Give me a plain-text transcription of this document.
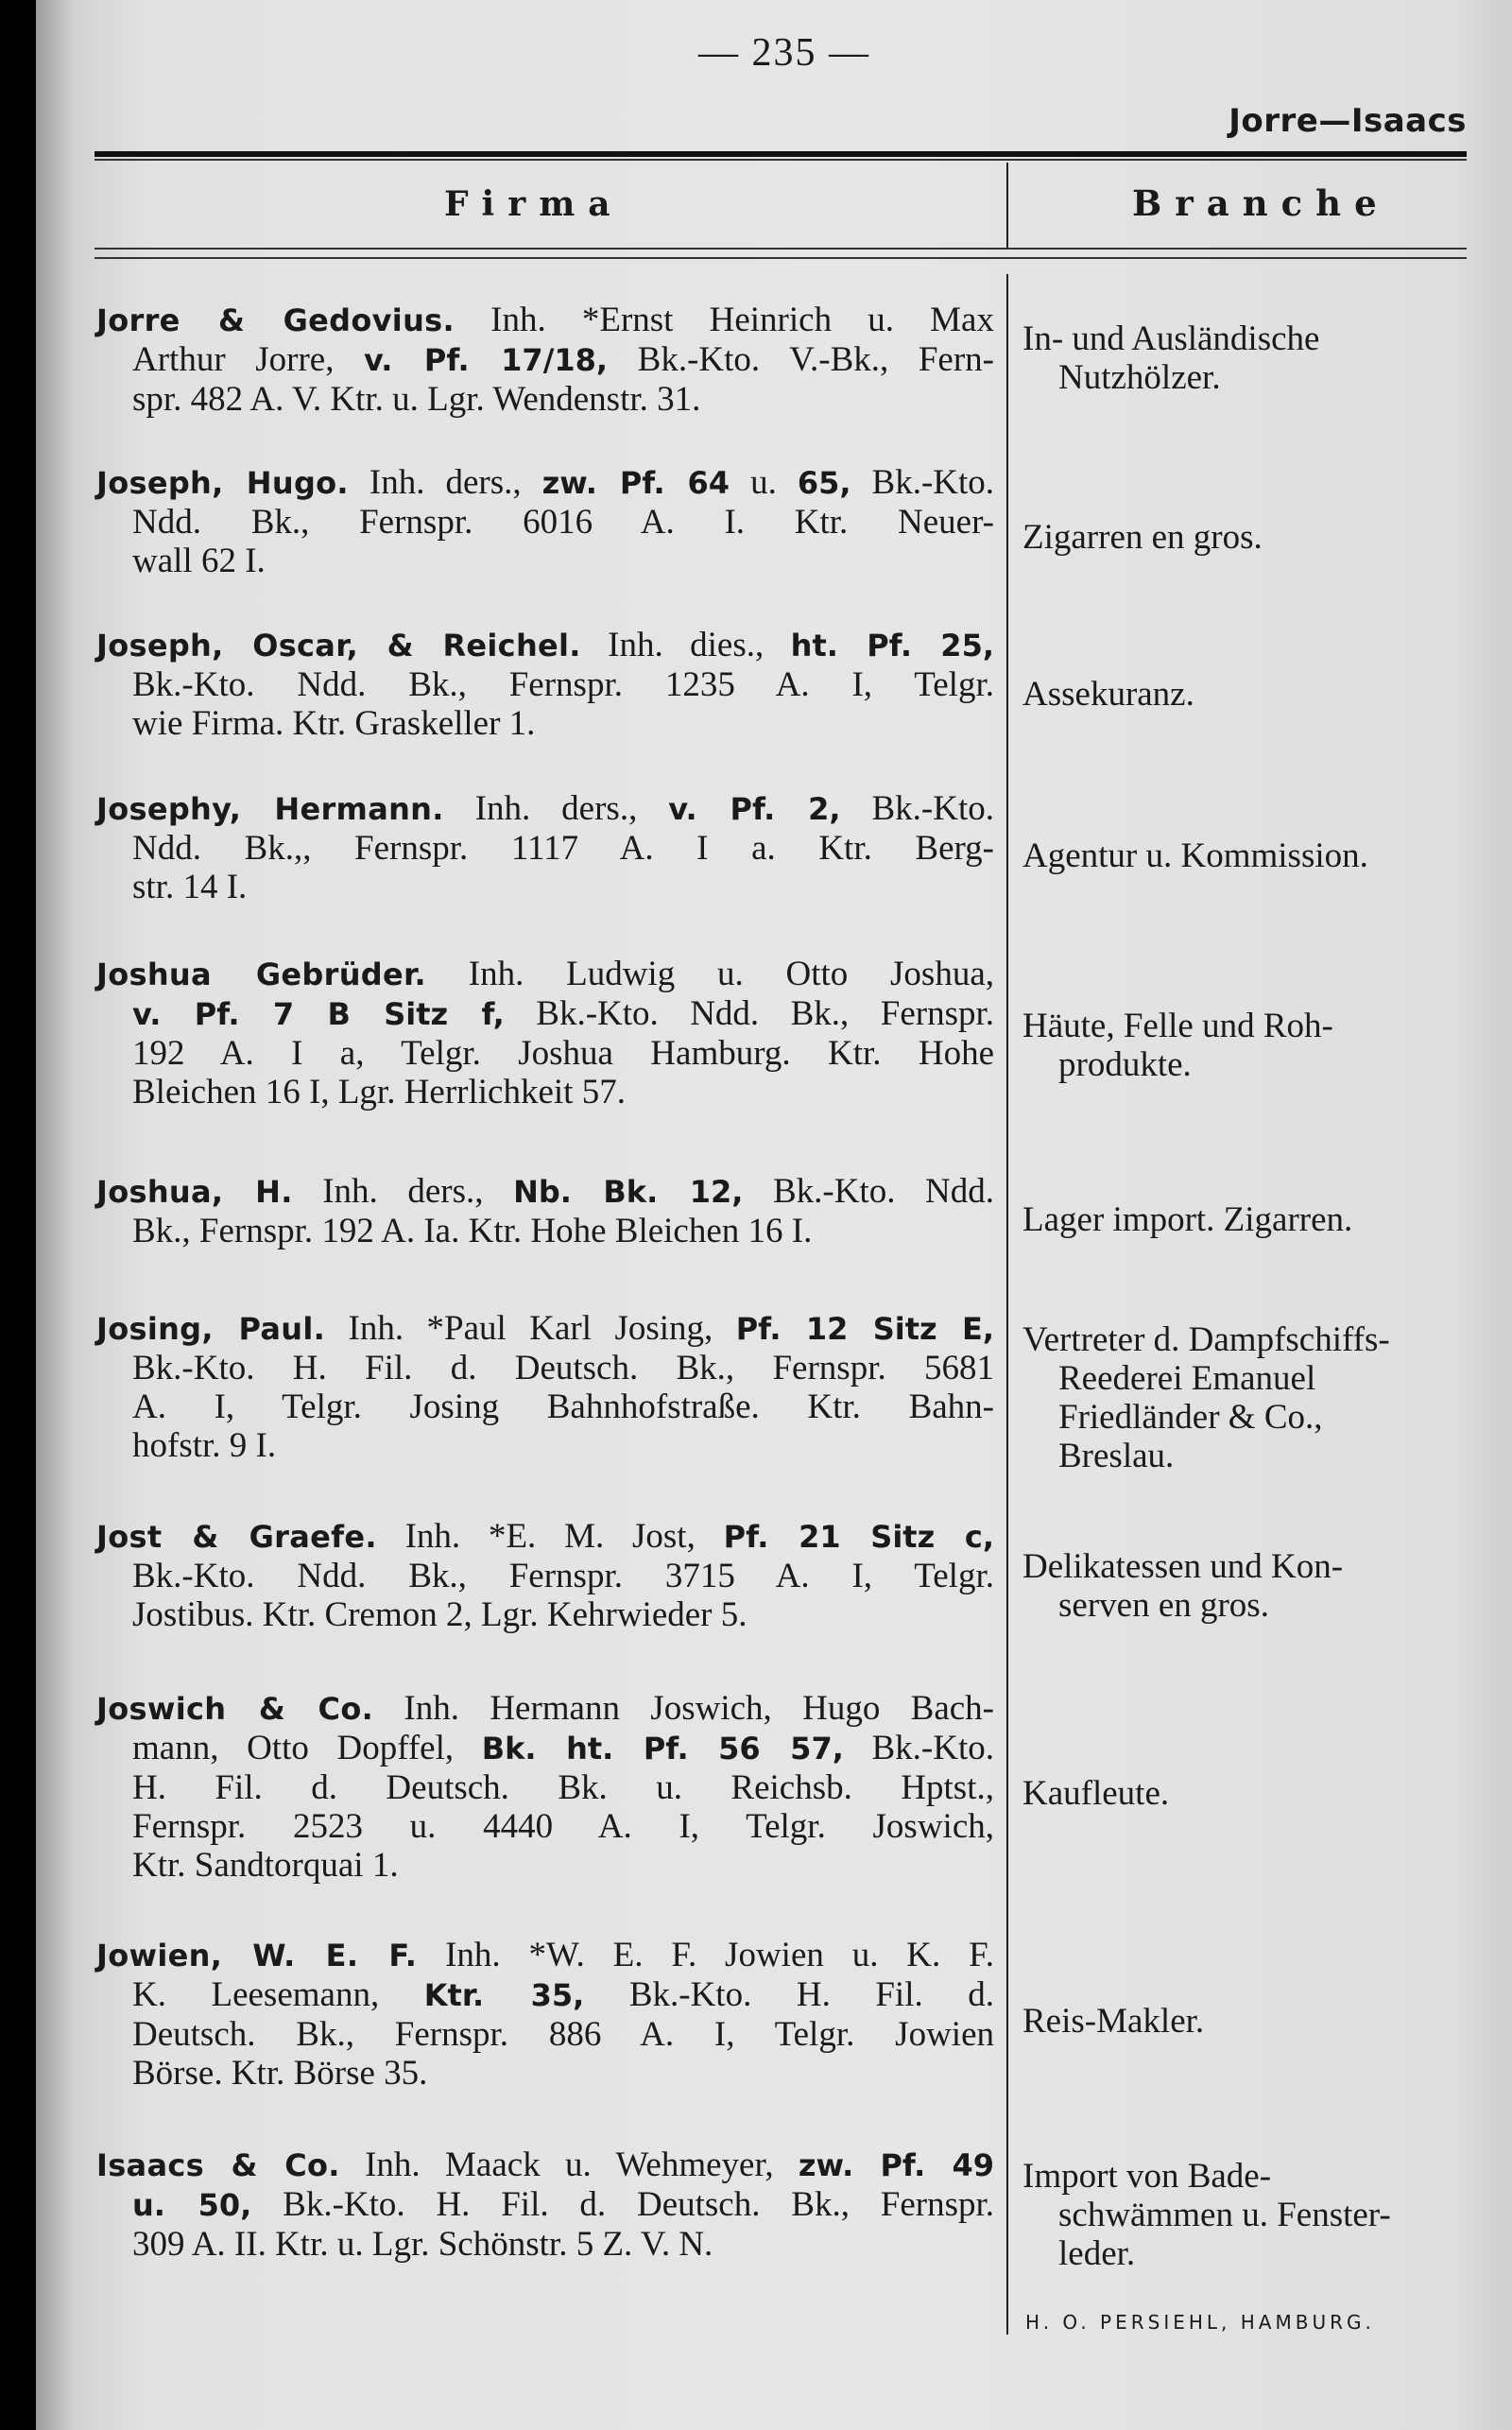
— 235 —
Jorre—Isaacs
Firma	Branche
Jorre & Gedovius. Inh. *Ernst Heinrich u. Max
Arthur Jorre, v. Pf. 17/18, Bk.-Kto. V.-Bk., Fern-
spr. 482 A. V. Ktr. u. Lgr. Wendenstr. 31.
In- und Ausländische
Nutzhölzer.
Joseph, Hugo. Inh. ders., zw. Pf. 64 u. 65, Bk.-Kto.
Ndd. Bk., Fernspr. 6016 A. I. Ktr. Neuer-
wall 62 I.
Zigarren en gros.
Joseph, Oscar, & Reichel. Inh. dies., ht. Pf. 25,
Bk.-Kto. Ndd. Bk., Fernspr. 1235 A. I, Telgr.
wie Firma. Ktr. Graskeller 1.
Assekuranz.
Josephy, Hermann. Inh. ders., v. Pf. 2, Bk.-Kto.
Ndd. Bk.,, Fernspr. 1117 A. I a. Ktr. Berg-
str. 14 I.
Agentur u. Kommission.
Joshua Gebrüder. Inh. Ludwig u. Otto Joshua,
v. Pf. 7 B Sitz f, Bk.-Kto. Ndd. Bk., Fernspr.
192 A. I a, Telgr. Joshua Hamburg. Ktr. Hohe
Bleichen 16 I, Lgr. Herrlichkeit 57.
Häute, Felle und Roh-
produkte.
Joshua, H. Inh. ders., Nb. Bk. 12, Bk.-Kto. Ndd.
Bk., Fernspr. 192 A. Ia. Ktr. Hohe Bleichen 16 I.	Lager import. Zigarren.
Josing, Paul. Inh. *Paul Karl Josing, Pf. 12 Sitz E,
Bk.-Kto. H. Fil. d. Deutsch. Bk., Fernspr. 5681
A. I, Telgr. Josing Bahnhofstraße. Ktr. Bahn-
hofstr. 9 I.
Vertreter d. Dampfschiffs-
Reederei Emanuel
Friedländer & Co.,
Breslau.
Jost & Graefe. Inh. *E. M. Jost, Pf. 21 Sitz c,
Bk.-Kto. Ndd. Bk., Fernspr. 3715 A. I, Telgr.
Jostibus. Ktr. Cremon 2, Lgr. Kehrwieder 5.
Delikatessen und Kon-
serven en gros.
Joswich & Co. Inh. Hermann Joswich, Hugo Bach-
mann, Otto Dopffel, Bk. ht. Pf. 56 57, Bk.-Kto.
H. Fil. d. Deutsch. Bk. u. Reichsb. Hptst.,
Fernspr. 2523 u. 4440 A. I, Telgr. Joswich,
Ktr. Sandtorquai 1.
Kaufleute.
Jowien, W. E. F. Inh. *W. E. F. Jowien u. K. F.
K. Leesemann, Ktr. 35, Bk.-Kto. H. Fil. d.
Deutsch. Bk., Fernspr. 886 A. I, Telgr. Jowien
Börse. Ktr. Börse 35.
Reis-Makler.
Isaacs & Co. Inh. Maack u. Wehmeyer, zw. Pf. 49
u. 50, Bk.-Kto. H. Fil. d. Deutsch. Bk., Fernspr.
309 A. II. Ktr. u. Lgr. Schönstr. 5 Z. V. N.
Import von Bade-
schwämmen u. Fenster-
leder.
H. O. PERSIEHL, HAMBURG.
